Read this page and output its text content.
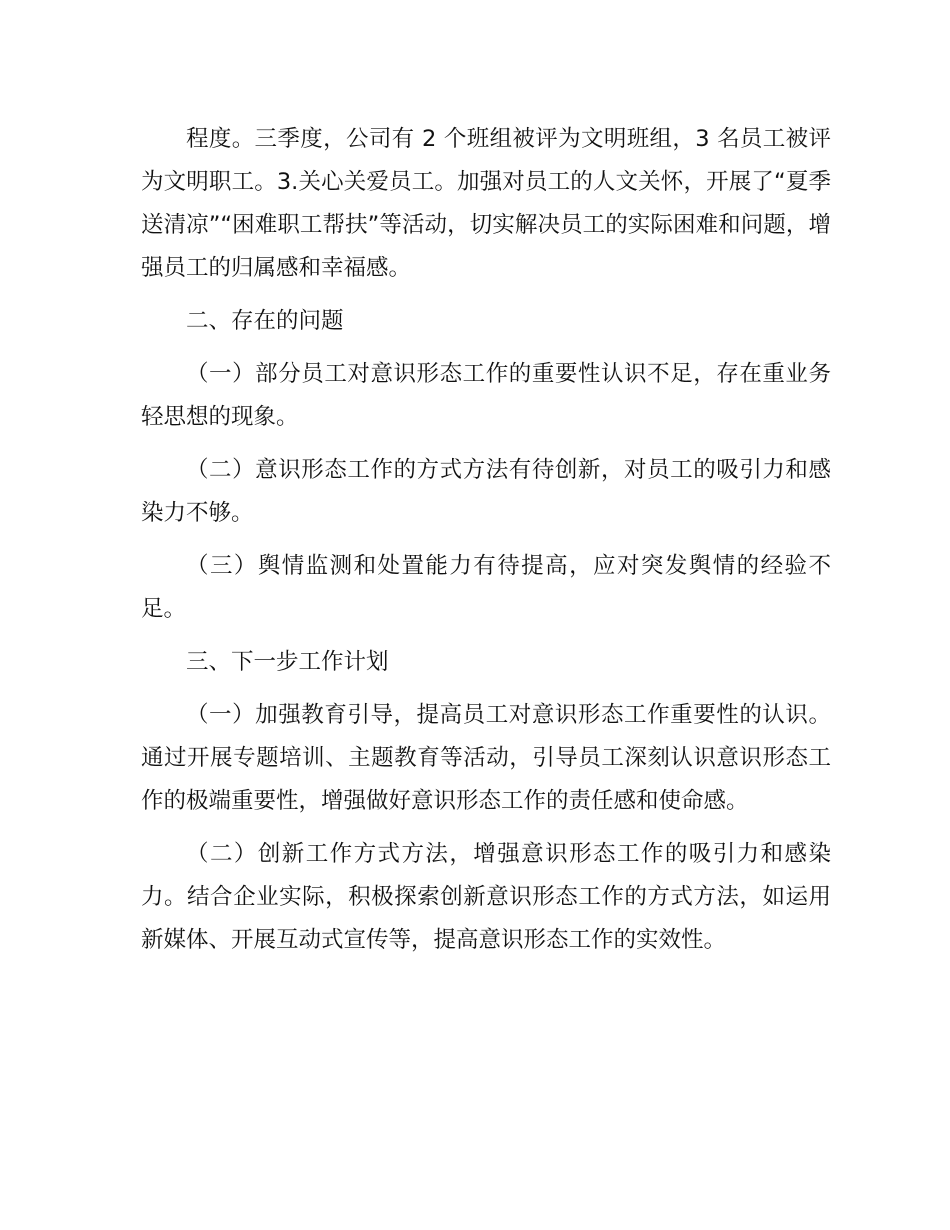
程度。三季度，公司有 2 个班组被评为文明班组，3 名员工被评为文明职工。3.关心关爱员工。加强对员工的人文关怀，开展了“夏季送清凉”“困难职工帮扶”等活动，切实解决员工的实际困难和问题，增强员工的归属感和幸福感。

二、存在的问题

（一）部分员工对意识形态工作的重要性认识不足，存在重业务轻思想的现象。

（二）意识形态工作的方式方法有待创新，对员工的吸引力和感染力不够。

（三）舆情监测和处置能力有待提高，应对突发舆情的经验不足。

三、下一步工作计划

（一）加强教育引导，提高员工对意识形态工作重要性的认识。通过开展专题培训、主题教育等活动，引导员工深刻认识意识形态工作的极端重要性，增强做好意识形态工作的责任感和使命感。

（二）创新工作方式方法，增强意识形态工作的吸引力和感染力。结合企业实际，积极探索创新意识形态工作的方式方法，如运用新媒体、开展互动式宣传等，提高意识形态工作的实效性。
